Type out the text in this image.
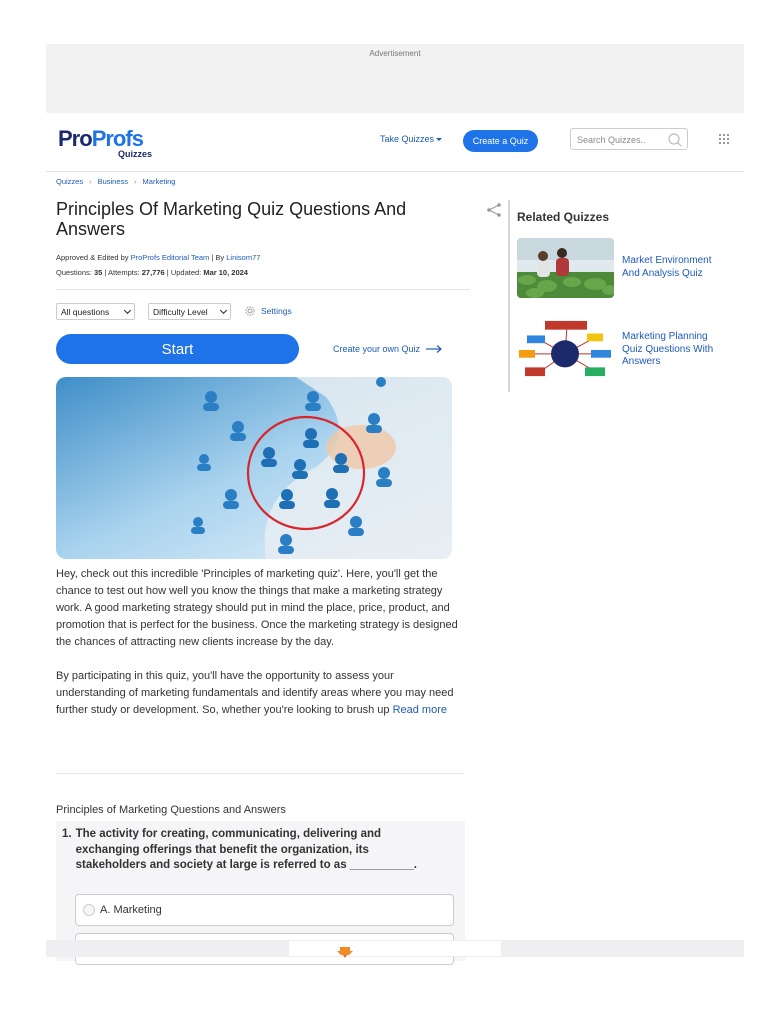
Advertisement
ProProfs
Quizzes
Take Quizzes	Create a Quiz
Search Quizzes..
Quizzes › Business › Marketing
Principles Of Marketing Quiz Questions And Answers
Approved & Edited by ProProfs Editorial Team | By Linisom77
Questions: 35 | Attempts: 27,776 | Updated: Mar 10, 2024
All questions	Difficulty Level	Settings
Start	Create your own Quiz

Hey, check out this incredible 'Principles of marketing quiz'. Here, you'll get the chance to test out how well you know the things that make a marketing strategy work. A good marketing strategy should put in mind the place, price, product, and promotion that is perfect for the business. Once the marketing strategy is designed the chances of attracting new clients increase by the day.

By participating in this quiz, you'll have the opportunity to assess your understanding of marketing fundamentals and identify areas where you may need further study or development. So, whether you're looking to brush up Read more

Principles of Marketing Questions and Answers
1. The activity for creating, communicating, delivering and exchanging offerings that benefit the organization, its stakeholders and society at large is referred to as __________.
A. Marketing
Related Quizzes
Market Environment And Analysis Quiz
Marketing Planning Quiz Questions With Answers
